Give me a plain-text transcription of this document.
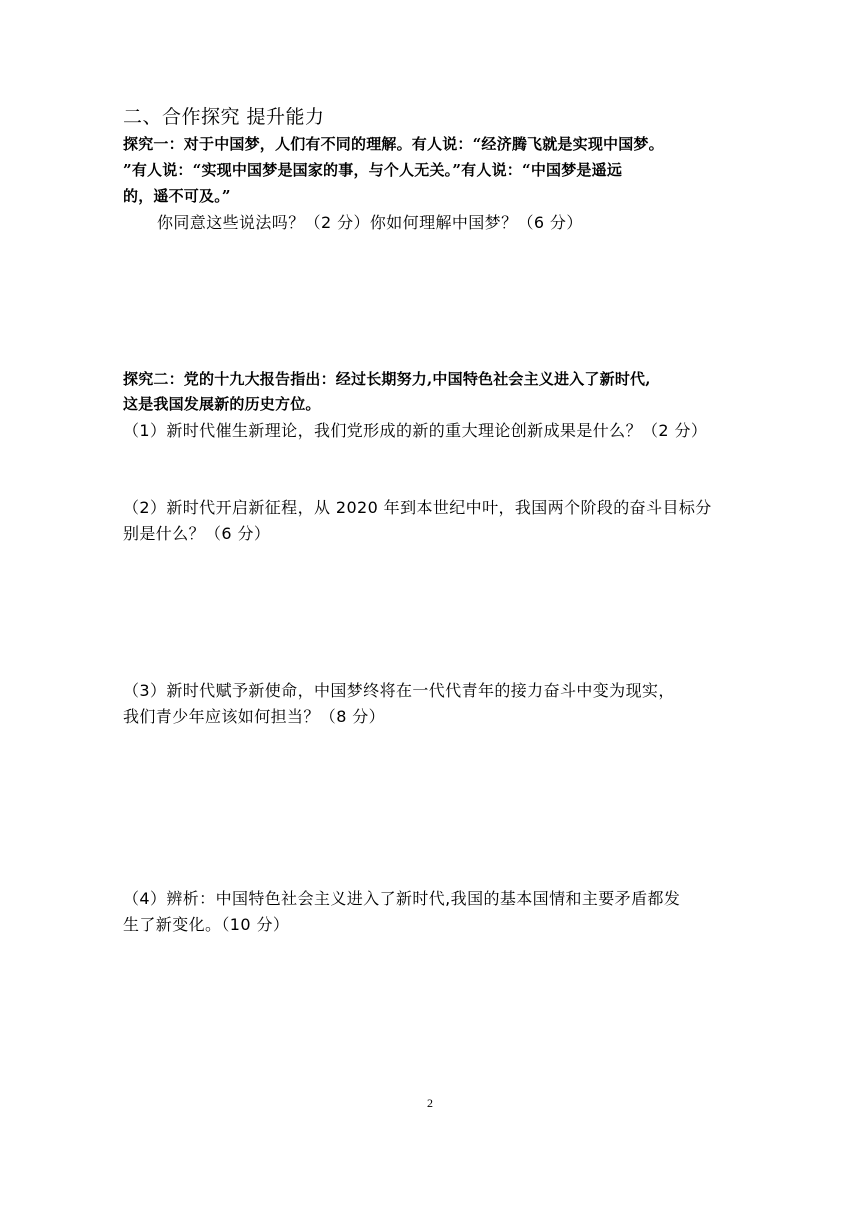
二、合作探究 提升能力
探究一：对于中国梦，人们有不同的理解。有人说：“经济腾飞就是实现中国梦。
”有人说：“实现中国梦是国家的事，与个人无关。”有人说：“中国梦是遥远
的，遥不可及。”
你同意这些说法吗？（2 分）你如何理解中国梦？（6 分）
探究二：党的十九大报告指出：经过长期努力,中国特色社会主义进入了新时代,
这是我国发展新的历史方位。
（1）新时代催生新理论，我们党形成的新的重大理论创新成果是什么？（2 分）
（2）新时代开启新征程，从 2020 年到本世纪中叶，我国两个阶段的奋斗目标分
别是什么？（6 分）
（3）新时代赋予新使命，中国梦终将在一代代青年的接力奋斗中变为现实，
我们青少年应该如何担当？（8 分）
（4）辨析：中国特色社会主义进入了新时代,我国的基本国情和主要矛盾都发
生了新变化。（10 分）
2
